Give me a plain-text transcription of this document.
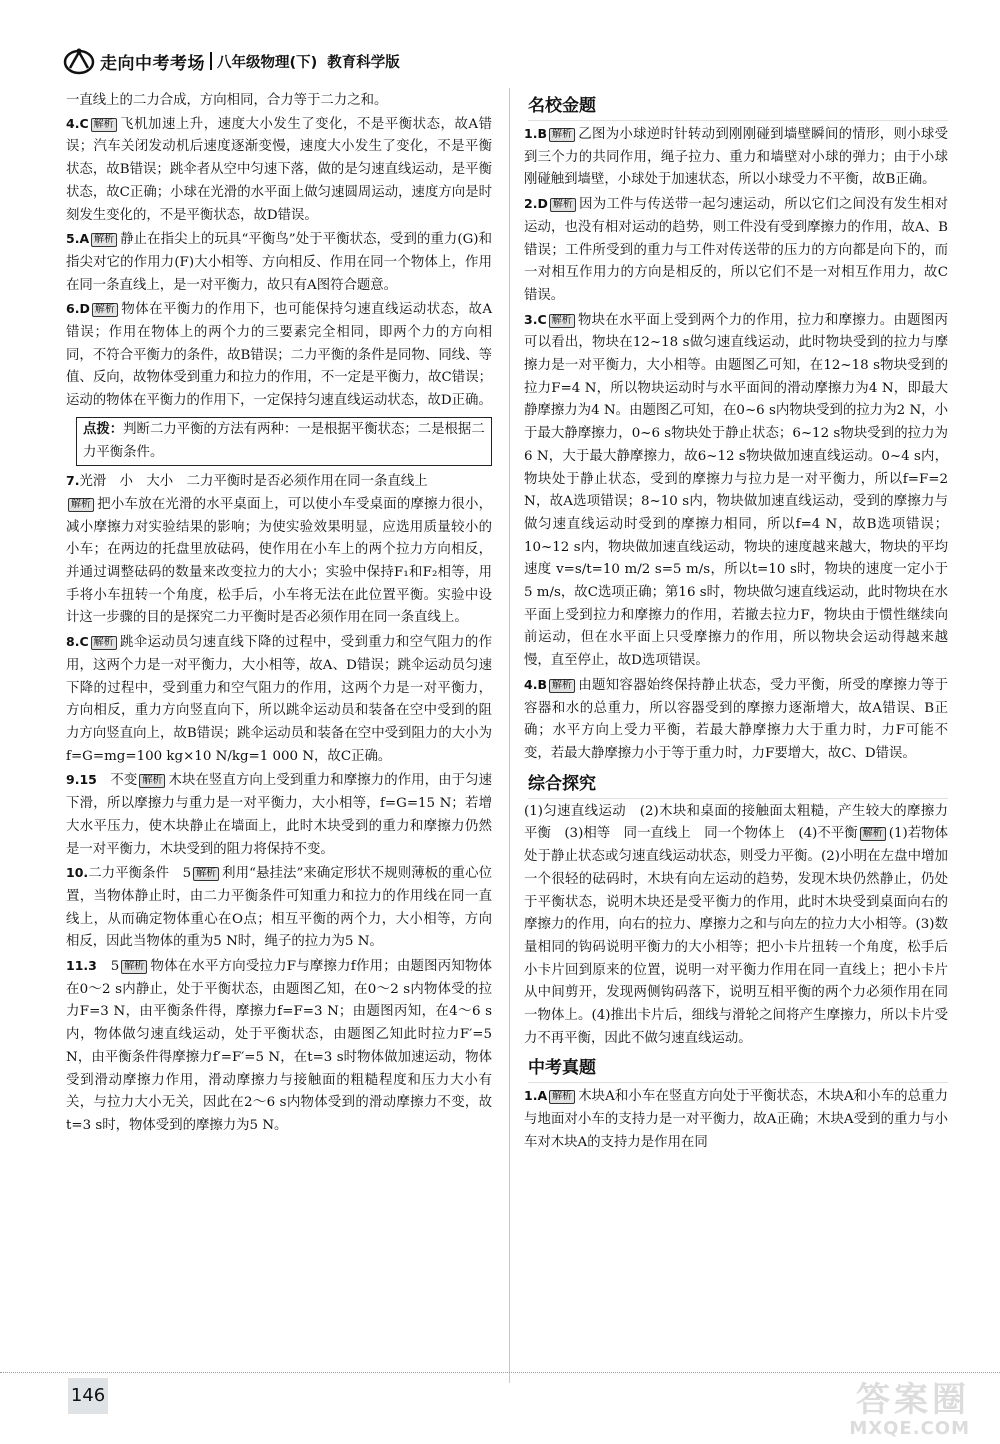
走向中考考场 八年级物理(下) 教育科学版

一直线上的二力合成，方向相同，合力等于二力之和。

4.C 解析 飞机加速上升，速度大小发生了变化，不是平衡状态，故A错误；汽车关闭发动机后速度逐渐变慢，速度大小发生了变化，不是平衡状态，故B错误；跳伞者从空中匀速下落，做的是匀速直线运动，是平衡状态，故C正确；小球在光滑的水平面上做匀速圆周运动，速度方向是时刻发生变化的，不是平衡状态，故D错误。

5.A 解析 静止在指尖上的玩具“平衡鸟”处于平衡状态，受到的重力(G)和指尖对它的作用力(F)大小相等、方向相反、作用在同一个物体上，作用在同一条直线上，是一对平衡力，故只有A图符合题意。

6.D 解析 物体在平衡力的作用下，也可能保持匀速直线运动状态，故A错误；作用在物体上的两个力的三要素完全相同，即两个力的方向相同，不符合平衡力的条件，故B错误；二力平衡的条件是同物、同线、等值、反向，故物体受到重力和拉力的作用，不一定是平衡力，故C错误；运动的物体在平衡力的作用下，一定保持匀速直线运动状态，故D正确。

点拨：判断二力平衡的方法有两种：一是根据平衡状态；二是根据二力平衡条件。

7.光滑　小　大小　二力平衡时是否必须作用在同一条直线上
解析 把小车放在光滑的水平桌面上，可以使小车受桌面的摩擦力很小，减小摩擦力对实验结果的影响；为使实验效果明显，应选用质量较小的小车；在两边的托盘里放砝码，使作用在小车上的两个拉力方向相反，并通过调整砝码的数量来改变拉力的大小；实验中保持F₁和F₂相等，用手将小车扭转一个角度，松手后，小车将无法在此位置平衡。实验中设计这一步骤的目的是探究二力平衡时是否必须作用在同一条直线上。

8.C 解析 跳伞运动员匀速直线下降的过程中，受到重力和空气阻力的作用，这两个力是一对平衡力，大小相等，故A、D错误；跳伞运动员匀速下降的过程中，受到重力和空气阻力的作用，这两个力是一对平衡力，方向相反，重力方向竖直向下，所以跳伞运动员和装备在空中受到的阻力方向竖直向上，故B错误；跳伞运动员和装备在空中受到阻力的大小为f=G=mg=100 kg×10 N/kg=1 000 N，故C正确。

9.15　不变 解析 木块在竖直方向上受到重力和摩擦力的作用，由于匀速下滑，所以摩擦力与重力是一对平衡力，大小相等，f=G=15 N；若增大水平压力，使木块静止在墙面上，此时木块受到的重力和摩擦力仍然是一对平衡力，木块受到的阻力将保持不变。

10.二力平衡条件　5 解析 利用“悬挂法”来确定形状不规则薄板的重心位置，当物体静止时，由二力平衡条件可知重力和拉力的作用线在同一直线上，从而确定物体重心在O点；相互平衡的两个力，大小相等，方向相反，因此当物体的重为5 N时，绳子的拉力为5 N。

11.3　5 解析 物体在水平方向受拉力F与摩擦力f作用；由题图丙知物体在0～2 s内静止，处于平衡状态，由题图乙知，在0～2 s内物体受的拉力F=3 N，由平衡条件得，摩擦力f=F=3 N；由题图丙知，在4～6 s内，物体做匀速直线运动，处于平衡状态，由题图乙知此时拉力F′=5 N，由平衡条件得摩擦力f′=F′=5 N，在t=3 s时物体做加速运动，物体受到滑动摩擦力作用，滑动摩擦力与接触面的粗糙程度和压力大小有关，与拉力大小无关，因此在2～6 s内物体受到的滑动摩擦力不变，故t=3 s时，物体受到的摩擦力为5 N。

名校金题

1.B 解析 乙图为小球逆时针转动到刚刚碰到墙壁瞬间的情形，则小球受到三个力的共同作用，绳子拉力、重力和墙壁对小球的弹力；由于小球刚碰触到墙壁，小球处于加速状态，所以小球受力不平衡，故B正确。

2.D 解析 因为工件与传送带一起匀速运动，所以它们之间没有发生相对运动，也没有相对运动的趋势，则工件没有受到摩擦力的作用，故A、B错误；工件所受到的重力与工件对传送带的压力的方向都是向下的，而一对相互作用力的方向是相反的，所以它们不是一对相互作用力，故C错误。

3.C 解析 物块在水平面上受到两个力的作用，拉力和摩擦力。由题图丙可以看出，物块在12~18 s做匀速直线运动，此时物块受到的拉力与摩擦力是一对平衡力，大小相等。由题图乙可知，在12~18 s物块受到的拉力F=4 N，所以物块运动时与水平面间的滑动摩擦力为4 N，即最大静摩擦力为4 N。由题图乙可知，在0~6 s内物块受到的拉力为2 N，小于最大静摩擦力，0~6 s物块处于静止状态；6~12 s物块受到的拉力为6 N，大于最大静摩擦力，故6~12 s物块做加速直线运动。0~4 s内，物块处于静止状态，受到的摩擦力与拉力是一对平衡力，所以f=F=2 N，故A选项错误；8~10 s内，物块做加速直线运动，受到的摩擦力与做匀速直线运动时受到的摩擦力相同，所以f=4 N，故B选项错误；10~12 s内，物块做加速直线运动，物块的速度越来越大，物块的平均速度 v=s/t=10 m/2 s=5 m/s，所以t=10 s时，物块的速度一定小于5 m/s，故C选项正确；第16 s时，物块做匀速直线运动，此时物块在水平面上受到拉力和摩擦力的作用，若撤去拉力F，物块由于惯性继续向前运动，但在水平面上只受摩擦力的作用，所以物块会运动得越来越慢，直至停止，故D选项错误。

4.B 解析 由题知容器始终保持静止状态，受力平衡，所受的摩擦力等于容器和水的总重力，所以容器受到的摩擦力逐渐增大，故A错误、B正确；水平方向上受力平衡，若最大静摩擦力大于重力时，力F可能不变，若最大静摩擦力小于等于重力时，力F要增大，故C、D错误。

综合探究

(1)匀速直线运动　(2)木块和桌面的接触面太粗糙，产生较大的摩擦力　平衡　(3)相等　同一直线上　同一个物体上　(4)不平衡 解析 (1)若物体处于静止状态或匀速直线运动状态，则受力平衡。(2)小明在左盘中增加一个很轻的砝码时，木块有向左运动的趋势，发现木块仍然静止，仍处于平衡状态，说明木块还是受平衡力的作用，此时木块受到桌面向右的摩擦力的作用，向右的拉力、摩擦力之和与向左的拉力大小相等。(3)数量相同的钩码说明平衡力的大小相等；把小卡片扭转一个角度，松手后小卡片回到原来的位置，说明一对平衡力作用在同一直线上；把小卡片从中间剪开，发现两侧钩码落下，说明互相平衡的两个力必须作用在同一物体上。(4)推出卡片后，细线与滑轮之间将产生摩擦力，所以卡片受力不再平衡，因此不做匀速直线运动。

中考真题

1.A 解析 木块A和小车在竖直方向处于平衡状态，木块A和小车的总重力与地面对小车的支持力是一对平衡力，故A正确；木块A受到的重力与小车对木块A的支持力是作用在同

146	答案圈
MXQE.COM
